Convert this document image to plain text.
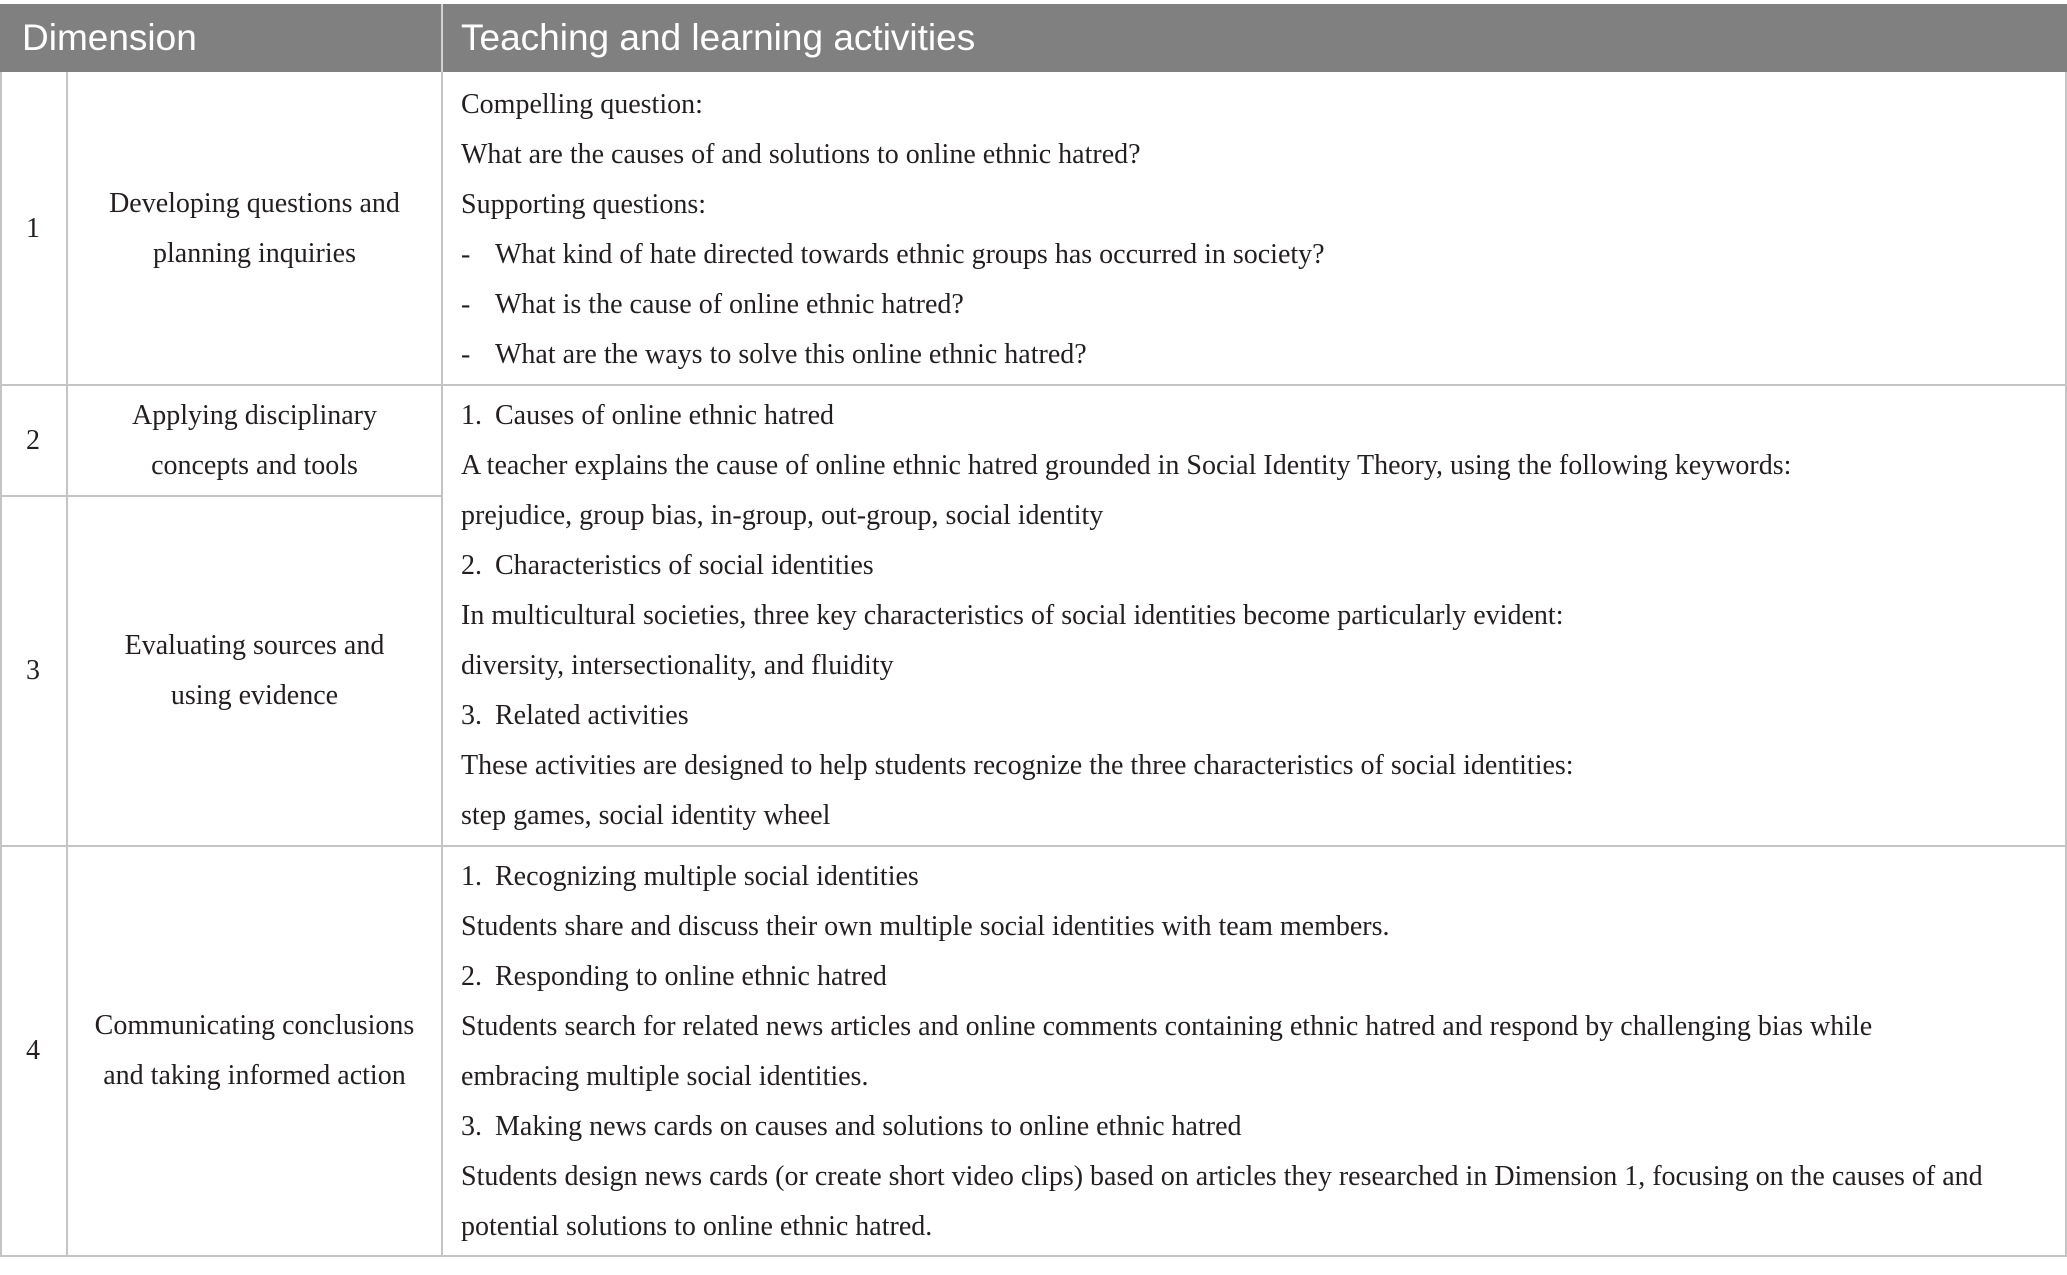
Dimension	Teaching and learning activities
1
Developing questions and
planning inquiries
Compelling question:
What are the causes of and solutions to online ethnic hatred?
Supporting questions:
- What kind of hate directed towards ethnic groups has occurred in society?
- What is the cause of online ethnic hatred?
- What are the ways to solve this online ethnic hatred?
2
Applying disciplinary
concepts and tools
3
Evaluating sources and
using evidence
1. Causes of online ethnic hatred
A teacher explains the cause of online ethnic hatred grounded in Social Identity Theory, using the following keywords:
prejudice, group bias, in-group, out-group, social identity
2. Characteristics of social identities
In multicultural societies, three key characteristics of social identities become particularly evident:
diversity, intersectionality, and fluidity
3. Related activities
These activities are designed to help students recognize the three characteristics of social identities:
step games, social identity wheel
4
Communicating conclusions
and taking informed action
1. Recognizing multiple social identities
Students share and discuss their own multiple social identities with team members.
2. Responding to online ethnic hatred
Students search for related news articles and online comments containing ethnic hatred and respond by challenging bias while
embracing multiple social identities.
3. Making news cards on causes and solutions to online ethnic hatred
Students design news cards (or create short video clips) based on articles they researched in Dimension 1, focusing on the causes of and
potential solutions to online ethnic hatred.
